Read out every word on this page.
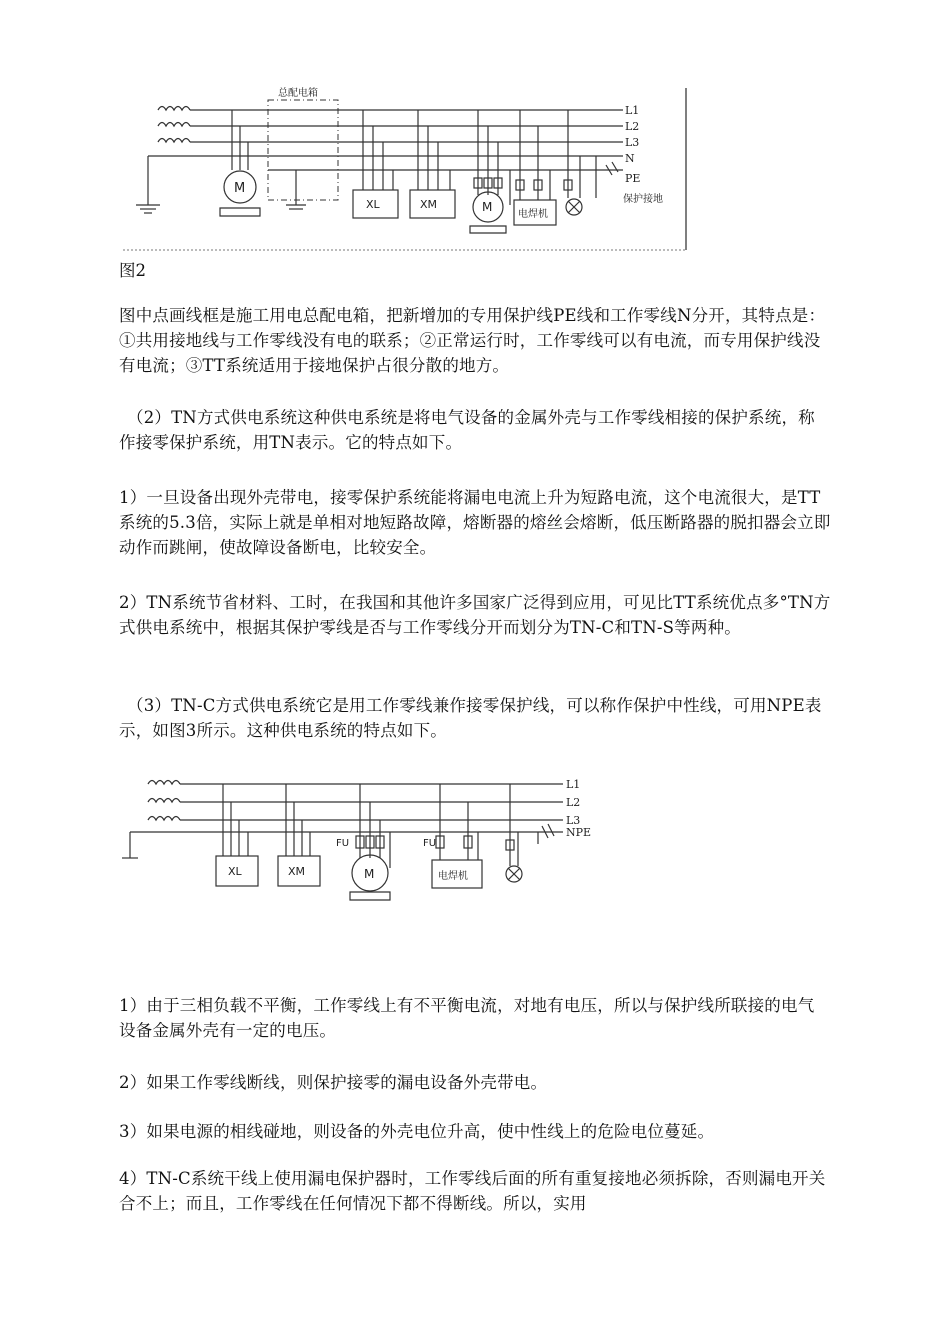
总配电箱
L1
L2
L3
N
PE
保护接地
M
XL	XM	M
电焊机
图2

图中点画线框是施工用电总配电箱，把新增加的专用保护线PE线和工作零线N分开，其特点是：①共用接地线与工作零线没有电的联系；②正常运行时，工作零线可以有电流，而专用保护线没有电流；③TT系统适用于接地保护占很分散的地方。

（2）TN方式供电系统这种供电系统是将电气设备的金属外壳与工作零线相接的保护系统，称作接零保护系统，用TN表示。它的特点如下。

1）一旦设备出现外壳带电，接零保护系统能将漏电电流上升为短路电流，这个电流很大，是TT系统的5.3倍，实际上就是单相对地短路故障，熔断器的熔丝会熔断，低压断路器的脱扣器会立即动作而跳闸，使故障设备断电，比较安全。

2）TN系统节省材料、工时，在我国和其他许多国家广泛得到应用，可见比TT系统优点多°TN方式供电系统中，根据其保护零线是否与工作零线分开而划分为TN-C和TN-S等两种。

（3）TN-C方式供电系统它是用工作零线兼作接零保护线，可以称作保护中性线，可用NPE表示，如图3所示。这种供电系统的特点如下。

L1
L2
L3
NPE
XL	XM
FU
M
FU
电焊机

1）由于三相负载不平衡，工作零线上有不平衡电流，对地有电压，所以与保护线所联接的电气设备金属外壳有一定的电压。

2）如果工作零线断线，则保护接零的漏电设备外壳带电。

3）如果电源的相线碰地，则设备的外壳电位升高，使中性线上的危险电位蔓延。

4）TN-C系统干线上使用漏电保护器时，工作零线后面的所有重复接地必须拆除，否则漏电开关合不上；而且，工作零线在任何情况下都不得断线。所以，实用
